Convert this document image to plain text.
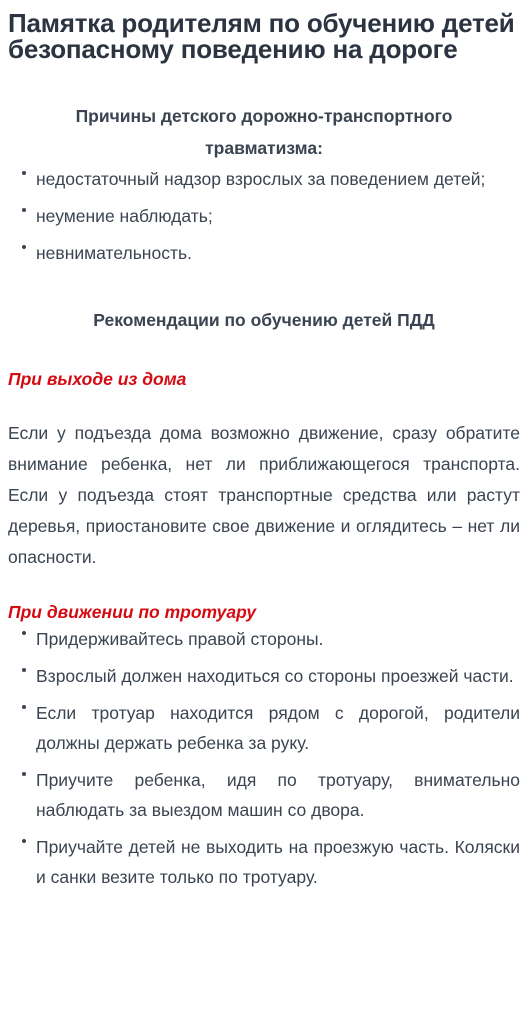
Памятка родителям по обучению детей
безопасному поведению на дороге
Причины детского дорожно-транспортного травматизма:
недостаточный надзор взрослых за поведением детей;
неумение наблюдать;
невнимательность.
Рекомендации по обучению детей ПДД
При выходе из дома

Если у подъезда дома возможно движение, сразу обратите внимание ребенка, нет ли приближающегося транспорта. Если у подъезда стоят транспортные средства или растут деревья, приостановите свое движение и оглядитесь – нет ли опасности.

При движении по тротуару
Придерживайтесь правой стороны.
Взрослый должен находиться со стороны проезжей части.
Если тротуар находится рядом с дорогой, родители должны держать ребенка за руку.
Приучите ребенка, идя по тротуару, внимательно наблюдать за выездом машин со двора.
Приучайте детей не выходить на проезжую часть. Коляски и санки везите только по тротуару.
